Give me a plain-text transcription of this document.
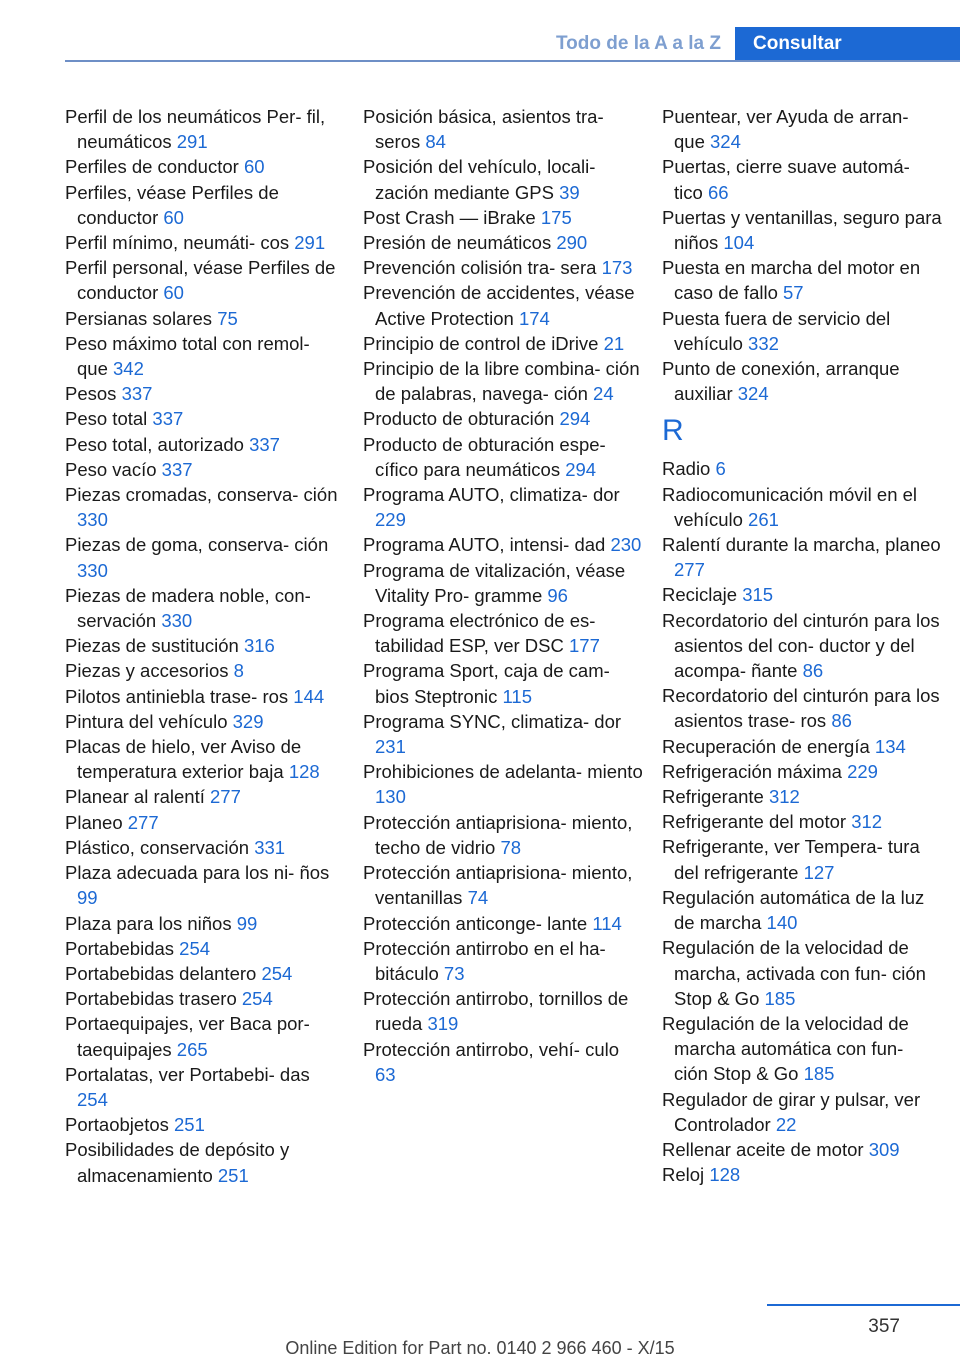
Todo de la A a la Z	Consultar
Perfil de los neumáticos Per‐ fil, neumáticos 291
Perfiles de conductor 60
Perfiles, véase Perfiles de conductor 60
Perfil mínimo, neumáti‐ cos 291
Perfil personal, véase Perfiles de conductor 60
Persianas solares 75
Peso máximo total con remol‐ que 342
Pesos 337
Peso total 337
Peso total, autorizado 337
Peso vacío 337
Piezas cromadas, conserva‐ ción 330
Piezas de goma, conserva‐ ción 330
Piezas de madera noble, con‐ servación 330
Piezas de sustitución 316
Piezas y accesorios 8
Pilotos antiniebla trase‐ ros 144
Pintura del vehículo 329
Placas de hielo, ver Aviso de temperatura exterior baja 128
Planear al ralentí 277
Planeo 277
Plástico, conservación 331
Plaza adecuada para los ni‐ ños 99
Plaza para los niños 99
Portabebidas 254
Portabebidas delantero 254
Portabebidas trasero 254
Portaequipajes, ver Baca por‐ taequipajes 265
Portalatas, ver Portabebi‐ das 254
Portaobjetos 251
Posibilidades de depósito y almacenamiento 251
Posición básica, asientos tra‐ seros 84
Posición del vehículo, locali‐ zación mediante GPS 39
Post Crash — iBrake 175
Presión de neumáticos 290
Prevención colisión tra‐ sera 173
Prevención de accidentes, véase Active Protection 174
Principio de control de iDrive 21
Principio de la libre combina‐ ción de palabras, navega‐ ción 24
Producto de obturación 294
Producto de obturación espe‐ cífico para neumáticos 294
Programa AUTO, climatiza‐ dor 229
Programa AUTO, intensi‐ dad 230
Programa de vitalización, véase Vitality Pro‐ gramme 96
Programa electrónico de es‐ tabilidad ESP, ver DSC 177
Programa Sport, caja de cam‐ bios Steptronic 115
Programa SYNC, climatiza‐ dor 231
Prohibiciones de adelanta‐ miento 130
Protección antiaprisiona‐ miento, techo de vidrio 78
Protección antiaprisiona‐ miento, ventanillas 74
Protección anticonge‐ lante 114
Protección antirrobo en el ha‐ bitáculo 73
Protección antirrobo, tornillos de rueda 319
Protección antirrobo, vehí‐ culo 63
Puentear, ver Ayuda de arran‐ que 324
Puertas, cierre suave automá‐ tico 66
Puertas y ventanillas, seguro para niños 104
Puesta en marcha del motor en caso de fallo 57
Puesta fuera de servicio del vehículo 332
Punto de conexión, arranque auxiliar 324
R
Radio 6
Radiocomunicación móvil en el vehículo 261
Ralentí durante la marcha, planeo 277
Reciclaje 315
Recordatorio del cinturón para los asientos del con‐ ductor y del acompa‐ ñante 86
Recordatorio del cinturón para los asientos trase‐ ros 86
Recuperación de energía 134
Refrigeración máxima 229
Refrigerante 312
Refrigerante del motor 312
Refrigerante, ver Tempera‐ tura del refrigerante 127
Regulación automática de la luz de marcha 140
Regulación de la velocidad de marcha, activada con fun‐ ción Stop & Go 185
Regulación de la velocidad de marcha automática con fun‐ ción Stop & Go 185
Regulador de girar y pulsar, ver Controlador 22
Rellenar aceite de motor 309
Reloj 128
357
Online Edition for Part no. 0140 2 966 460 - X/15
